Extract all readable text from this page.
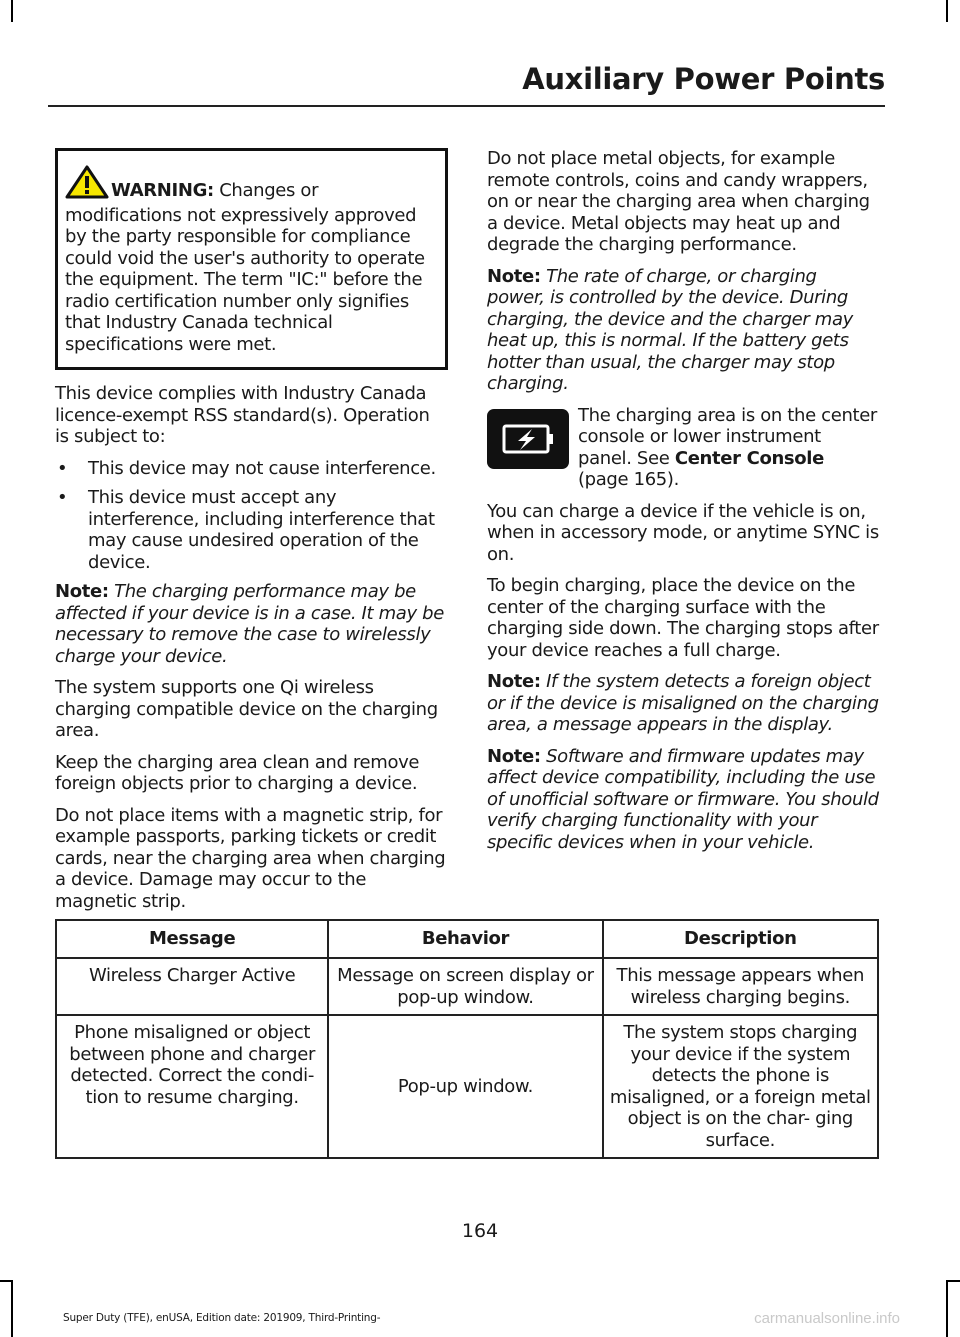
Auxiliary Power Points
WARNING: Changes or modifications not expressively approved by the party responsible for compliance could void the user's authority to operate the equipment. The term "IC:" before the radio certification number only signifies that Industry Canada technical specifications were met.

This device complies with Industry Canada licence-exempt RSS standard(s). Operation is subject to:

• This device may not cause interference.
• This device must accept any interference, including interference that may cause undesired operation of the device.

Note: The charging performance may be affected if your device is in a case. It may be necessary to remove the case to wirelessly charge your device.

The system supports one Qi wireless charging compatible device on the charging area.

Keep the charging area clean and remove foreign objects prior to charging a device.

Do not place items with a magnetic strip, for example passports, parking tickets or credit cards, near the charging area when charging a device. Damage may occur to the magnetic strip.

Do not place metal objects, for example remote controls, coins and candy wrappers, on or near the charging area when charging a device. Metal objects may heat up and degrade the charging performance.

Note: The rate of charge, or charging power, is controlled by the device. During charging, the device and the charger may heat up, this is normal. If the battery gets hotter than usual, the charger may stop charging.

The charging area is on the center console or lower instrument panel. See Center Console (page 165).

You can charge a device if the vehicle is on, when in accessory mode, or anytime SYNC is on.

To begin charging, place the device on the center of the charging surface with the charging side down. The charging stops after your device reaches a full charge.

Note: If the system detects a foreign object or if the device is misaligned on the charging area, a message appears in the display.

Note: Software and firmware updates may affect device compatibility, including the use of unofficial software or firmware. You should verify charging functionality with your specific devices when in your vehicle.

Message	Behavior	Description
Wireless Charger Active	Message on screen display or pop-up window.	This message appears when wireless charging begins.
Phone misaligned or object between phone and charger detected. Correct the condi- tion to resume charging.	Pop-up window.	The system stops charging your device if the system detects the phone is misaligned, or a foreign metal object is on the char- ging surface.
164
Super Duty (TFE), enUSA, Edition date: 201909, Third-Printing-	carmanualsonline.info
